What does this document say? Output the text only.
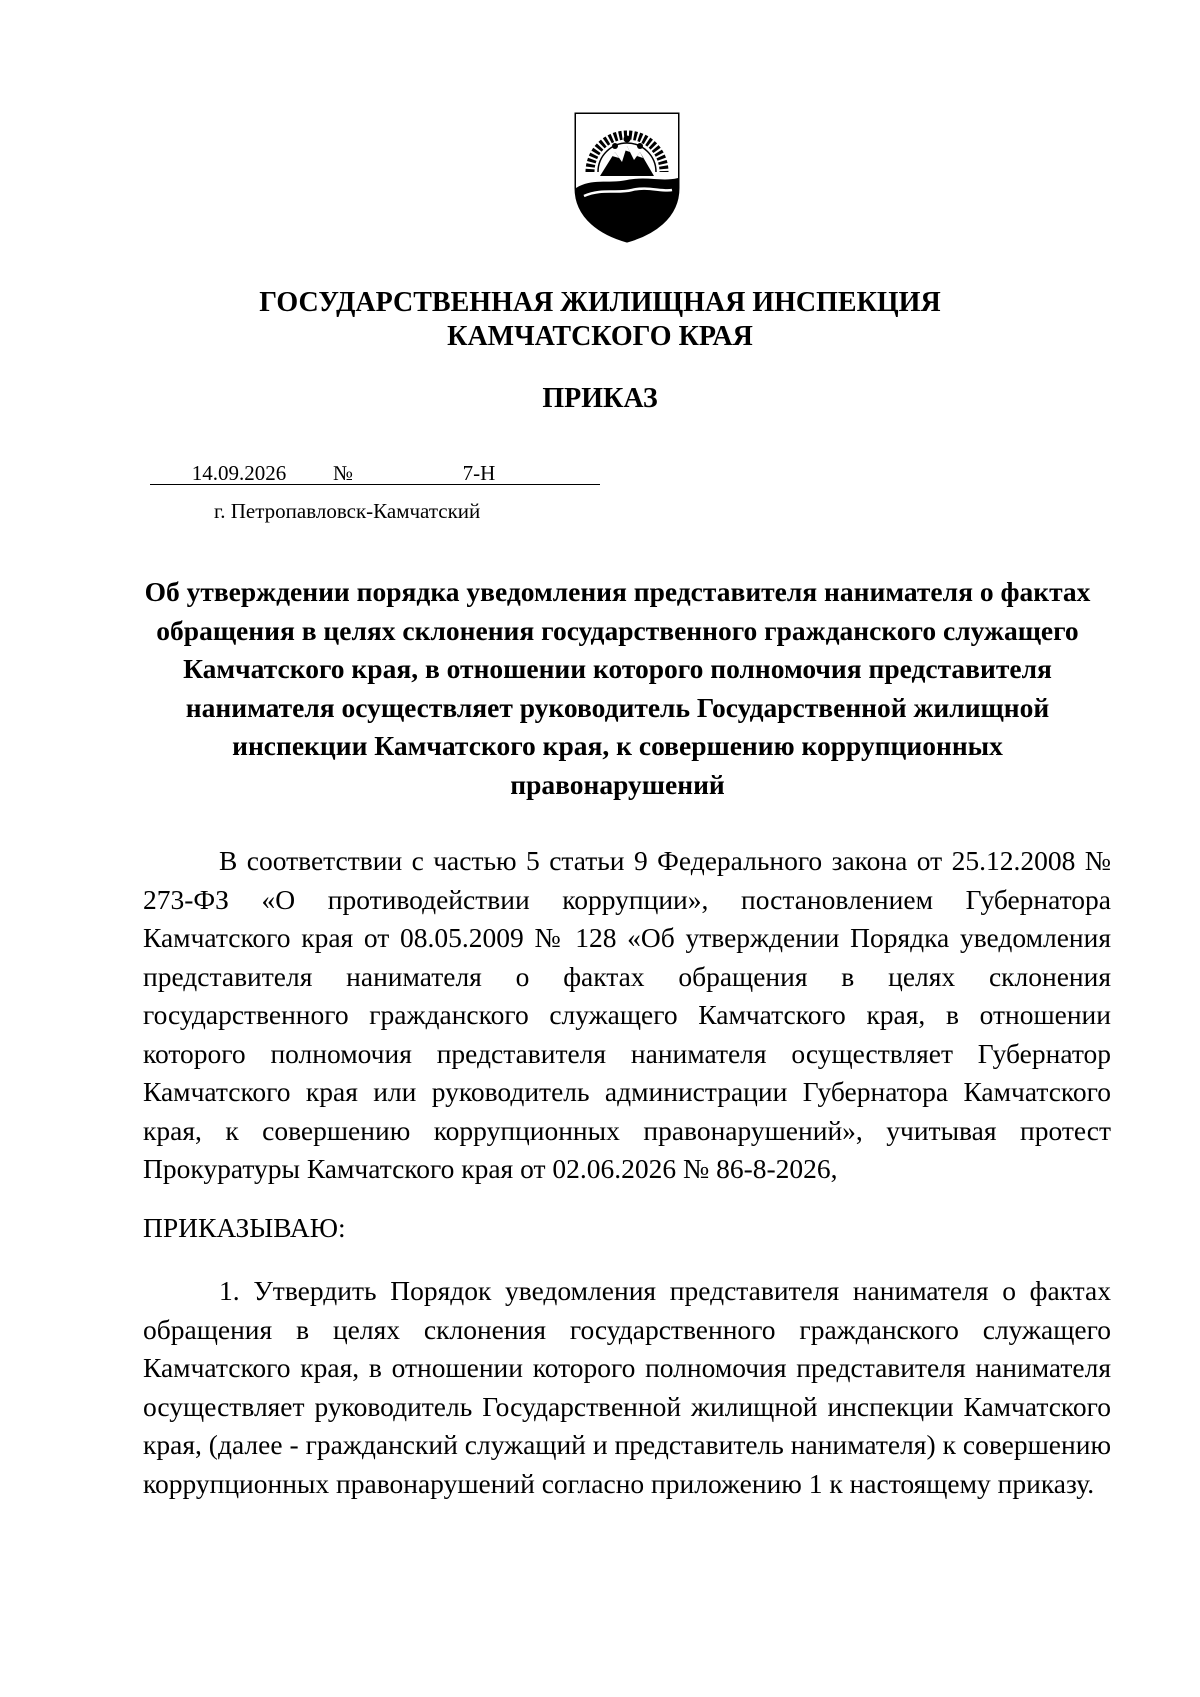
ГОСУДАРСТВЕННАЯ ЖИЛИЩНАЯ ИНСПЕКЦИЯ
КАМЧАТСКОГО КРАЯ
ПРИКАЗ
14.09.2026 №	7-Н
г. Петропавловск-Камчатский
Об утверждении порядка уведомления представителя нанимателя о фактах обращения в целях склонения государственного гражданского служащего Камчатского края, в отношении которого полномочия представителя нанимателя осуществляет руководитель Государственной жилищной инспекции Камчатского края, к совершению коррупционных правонарушений
В соответствии с частью 5 статьи 9 Федерального закона от 25.12.2008 № 273-ФЗ «О противодействии коррупции», постановлением Губернатора Камчатского края от 08.05.2009 № 128 «Об утверждении Порядка уведомления представителя нанимателя о фактах обращения в целях склонения государственного гражданского служащего Камчатского края, в отношении которого полномочия представителя нанимателя осуществляет Губернатор Камчатского края или руководитель администрации Губернатора Камчатского края, к совершению коррупционных правонарушений», учитывая протест Прокуратуры Камчатского края от 02.06.2026 № 86-8-2026,
ПРИКАЗЫВАЮ:
1. Утвердить Порядок уведомления представителя нанимателя о фактах обращения в целях склонения государственного гражданского служащего Камчатского края, в отношении которого полномочия представителя нанимателя осуществляет руководитель Государственной жилищной инспекции Камчатского края, (далее - гражданский служащий и представитель нанимателя) к совершению коррупционных правонарушений согласно приложению 1 к настоящему приказу.
